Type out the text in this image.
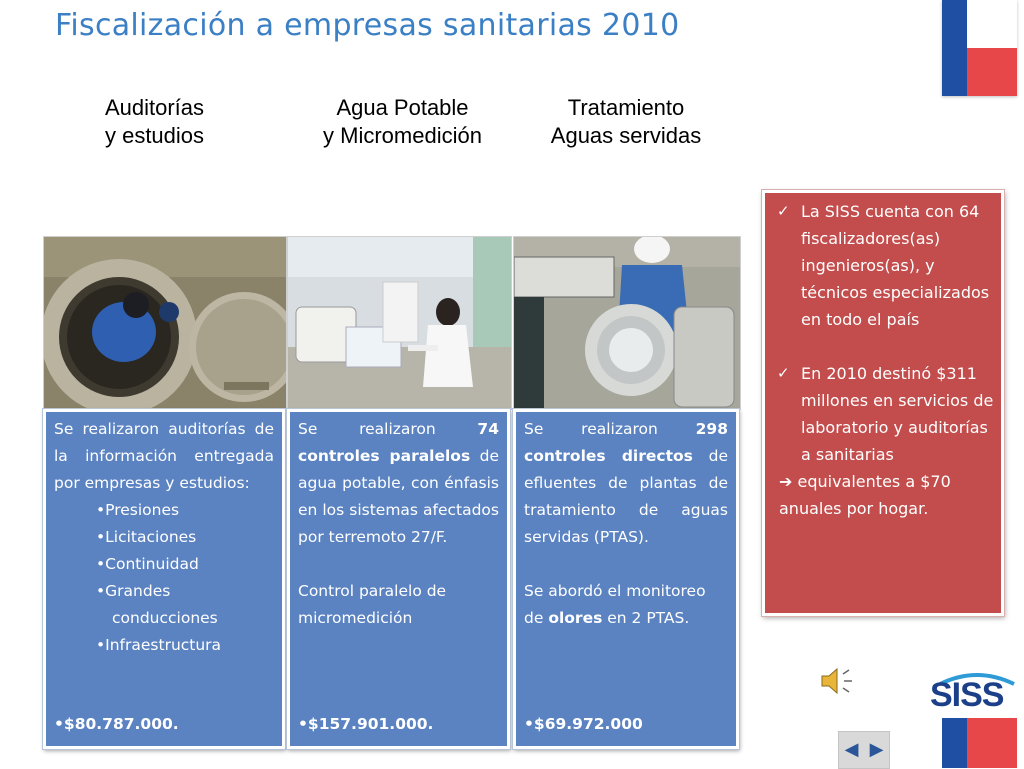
Fiscalización a empresas sanitarias 2010
Auditorías
y estudios
Agua Potable
y Micromedición
Tratamiento
Aguas servidas

Se realizaron auditorías de la información entregada por empresas y estudios:

•Presiones
•Licitaciones
•Continuidad
•Grandes
conducciones
•Infraestructura
•$80.787.000.

Se realizaron 74 controles paralelos de agua potable, con énfasis en los sistemas afectados por terremoto 27/F.

Control paralelo de micromedición

•$157.901.000.

Se realizaron 298 controles directos de efluentes de plantas de tratamiento de aguas servidas (PTAS).

Se abordó el monitoreo de olores en 2 PTAS.

•$69.972.000
✓ La SISS cuenta con 64 fiscalizadores(as) ingenieros(as), y técnicos especializados en todo el país
✓ En 2010 destinó $311 millones en servicios de laboratorio y auditorías a sanitarias
➔ equivalentes a $70 anuales por hogar.
SISS
◀ ▶
